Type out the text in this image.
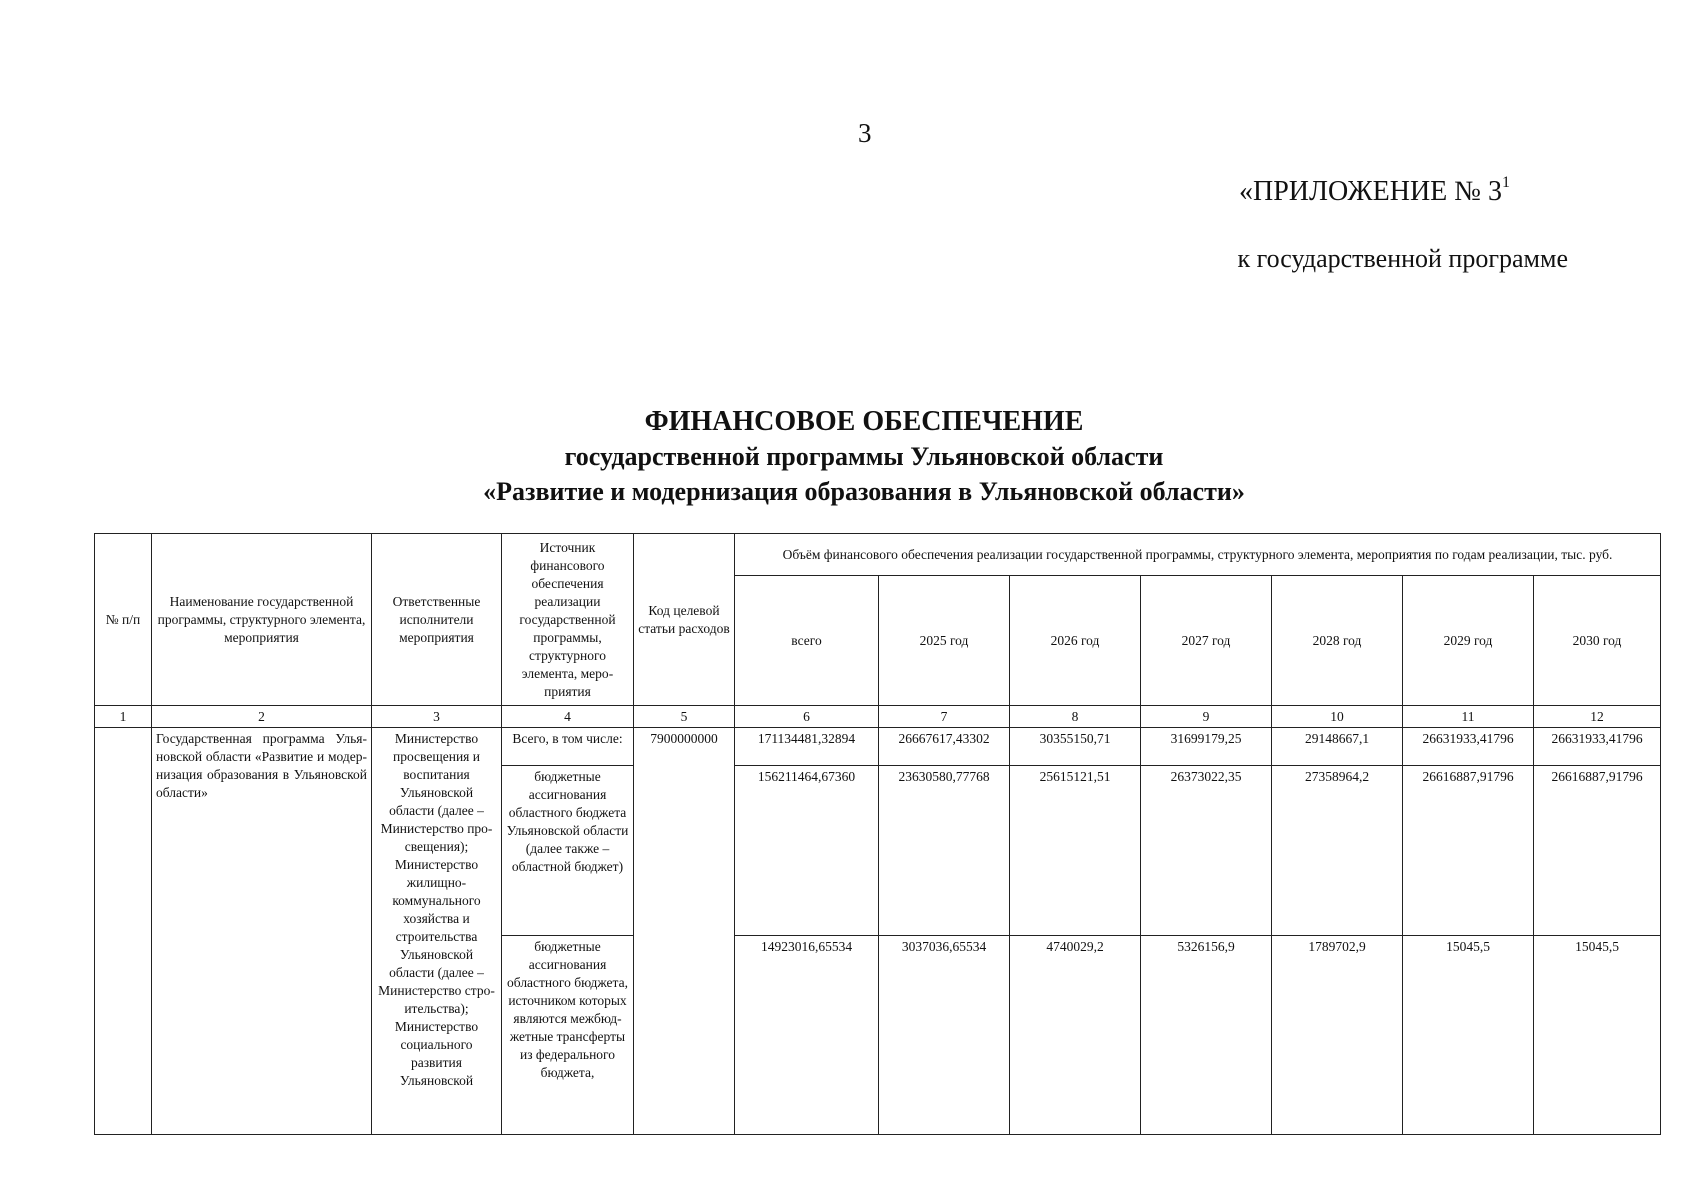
3
«ПРИЛОЖЕНИЕ № $3^1$
к государственной программе
ФИНАНСОВОЕ ОБЕСПЕЧЕНИЕ
государственной программы Ульяновской области
«Развитие и модернизация образования в Ульяновской области»
№ п/п	Наименование государственной программы, структурного элемента, мероприятия	Ответственные исполнители мероприятия	Источник финансового обеспечения реализации государственной программы, структурного элемента, мероприятия	Код целевой статьи расходов	Объём финансового обеспечения реализации государственной программы, структурного элемента, мероприятия по годам реализации, тыс. руб.						
					всего	2025 год	2026 год	2027 год	2028 год	2029 год	2030 год
1	2	3	4	5	6	7	8	9	10	11	12
	Государственная программа Ульяновской области «Развитие и модернизация образования в Ульяновской области»	Министерство просвещения и воспитания Ульяновской области (далее – Министерство просвещения); Министерство жилищно-коммунального хозяйства и строительства Ульяновской области (далее – Министерство строительства); Министерство социального развития Ульяновской	Всего, в том числе:	7900000000	171134481,32894	26667617,43302	30355150,71	31699179,25	29148667,1	26631933,41796	26631933,41796
			бюджетные ассигнования областного бюджета Ульяновской области (далее также – областной бюджет)		156211464,67360	23630580,77768	25615121,51	26373022,35	27358964,2	26616887,91796	26616887,91796
			бюджетные ассигнования областного бюджета, источником которых являются межбюджетные трансферты из федерального бюджета,		14923016,65534	3037036,65534	4740029,2	5326156,9	1789702,9	15045,5	15045,5
